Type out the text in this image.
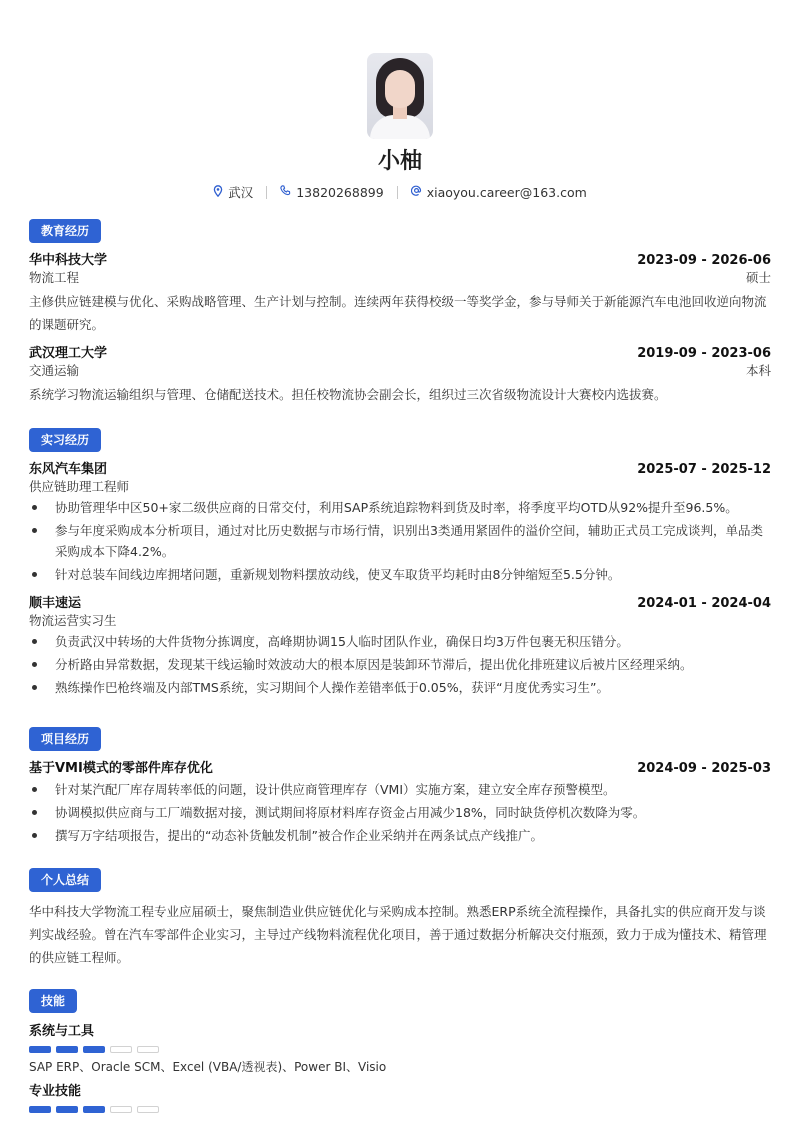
小柚
武汉	13820268899	xiaoyou.career@163.com
教育经历
华中科技大学	2023-09 - 2026-06
物流工程	硕士
主修供应链建模与优化、采购战略管理、生产计划与控制。连续两年获得校级一等奖学金，参与导师关于新能源汽车电池回收逆向物流的课题研究。
武汉理工大学	2019-09 - 2023-06
交通运输	本科
系统学习物流运输组织与管理、仓储配送技术。担任校物流协会副会长，组织过三次省级物流设计大赛校内选拔赛。
实习经历
东风汽车集团	2025-07 - 2025-12
供应链助理工程师
协助管理华中区50+家二级供应商的日常交付，利用SAP系统追踪物料到货及时率，将季度平均OTD从92%提升至96.5%。
参与年度采购成本分析项目，通过对比历史数据与市场行情，识别出3类通用紧固件的溢价空间，辅助正式员工完成谈判，单品类采购成本下降4.2%。
针对总装车间线边库拥堵问题，重新规划物料摆放动线，使叉车取货平均耗时由8分钟缩短至5.5分钟。
顺丰速运	2024-01 - 2024-04
物流运营实习生
负责武汉中转场的大件货物分拣调度，高峰期协调15人临时团队作业，确保日均3万件包裹无积压错分。
分析路由异常数据，发现某干线运输时效波动大的根本原因是装卸环节滞后，提出优化排班建议后被片区经理采纳。
熟练操作巴枪终端及内部TMS系统，实习期间个人操作差错率低于0.05%，获评“月度优秀实习生”。
项目经历
基于VMI模式的零部件库存优化	2024-09 - 2025-03
针对某汽配厂库存周转率低的问题，设计供应商管理库存（VMI）实施方案，建立安全库存预警模型。
协调模拟供应商与工厂端数据对接，测试期间将原材料库存资金占用减少18%，同时缺货停机次数降为零。
撰写万字结项报告，提出的“动态补货触发机制”被合作企业采纳并在两条试点产线推广。
个人总结
华中科技大学物流工程专业应届硕士，聚焦制造业供应链优化与采购成本控制。熟悉ERP系统全流程操作，具备扎实的供应商开发与谈判实战经验。曾在汽车零部件企业实习，主导过产线物料流程优化项目，善于通过数据分析解决交付瓶颈，致力于成为懂技术、精管理的供应链工程师。
技能
系统与工具
SAP ERP、Oracle SCM、Excel (VBA/透视表)、Power BI、Visio
专业技能
